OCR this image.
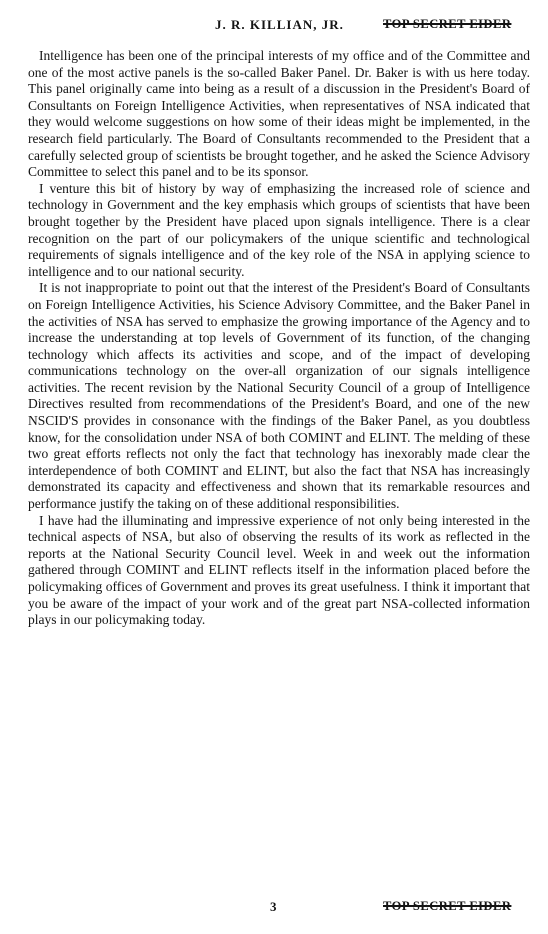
J. R. KILLIAN, JR.	TOP SECRET EIDER

Intelligence has been one of the principal interests of my office and of the Committee and one of the most active panels is the so-called Baker Panel. Dr. Baker is with us here today. This panel originally came into being as a result of a discussion in the President's Board of Consultants on Foreign Intelligence Activities, when representatives of NSA indicated that they would welcome suggestions on how some of their ideas might be implemented, in the research field particularly. The Board of Consultants recommended to the President that a carefully selected group of scientists be brought together, and he asked the Science Advisory Committee to select this panel and to be its sponsor.

I venture this bit of history by way of emphasizing the increased role of science and technology in Government and the key emphasis which groups of scientists that have been brought together by the President have placed upon signals intelligence. There is a clear recognition on the part of our policymakers of the unique scientific and technological requirements of signals intelligence and of the key role of the NSA in applying science to intelligence and to our national security.

It is not inappropriate to point out that the interest of the President's Board of Consultants on Foreign Intelligence Activities, his Science Advisory Committee, and the Baker Panel in the activities of NSA has served to emphasize the growing importance of the Agency and to increase the understanding at top levels of Government of its function, of the changing technology which affects its activities and scope, and of the impact of developing communications technology on the over-all organization of our signals intelligence activities. The recent revision by the National Security Council of a group of Intelligence Directives resulted from recommendations of the President's Board, and one of the new NSCID'S provides in consonance with the findings of the Baker Panel, as you doubtless know, for the consolidation under NSA of both COMINT and ELINT. The melding of these two great efforts reflects not only the fact that technology has inexorably made clear the interdependence of both COMINT and ELINT, but also the fact that NSA has increasingly demonstrated its capacity and effectiveness and shown that its remarkable resources and performance justify the taking on of these additional responsibilities.

I have had the illuminating and impressive experience of not only being interested in the technical aspects of NSA, but also of observing the results of its work as reflected in the reports at the National Security Council level. Week in and week out the information gathered through COMINT and ELINT reflects itself in the information placed before the policymaking offices of Government and proves its great usefulness. I think it important that you be aware of the impact of your work and of the great part NSA-collected information plays in our policymaking today.

3	TOP SECRET EIDER
